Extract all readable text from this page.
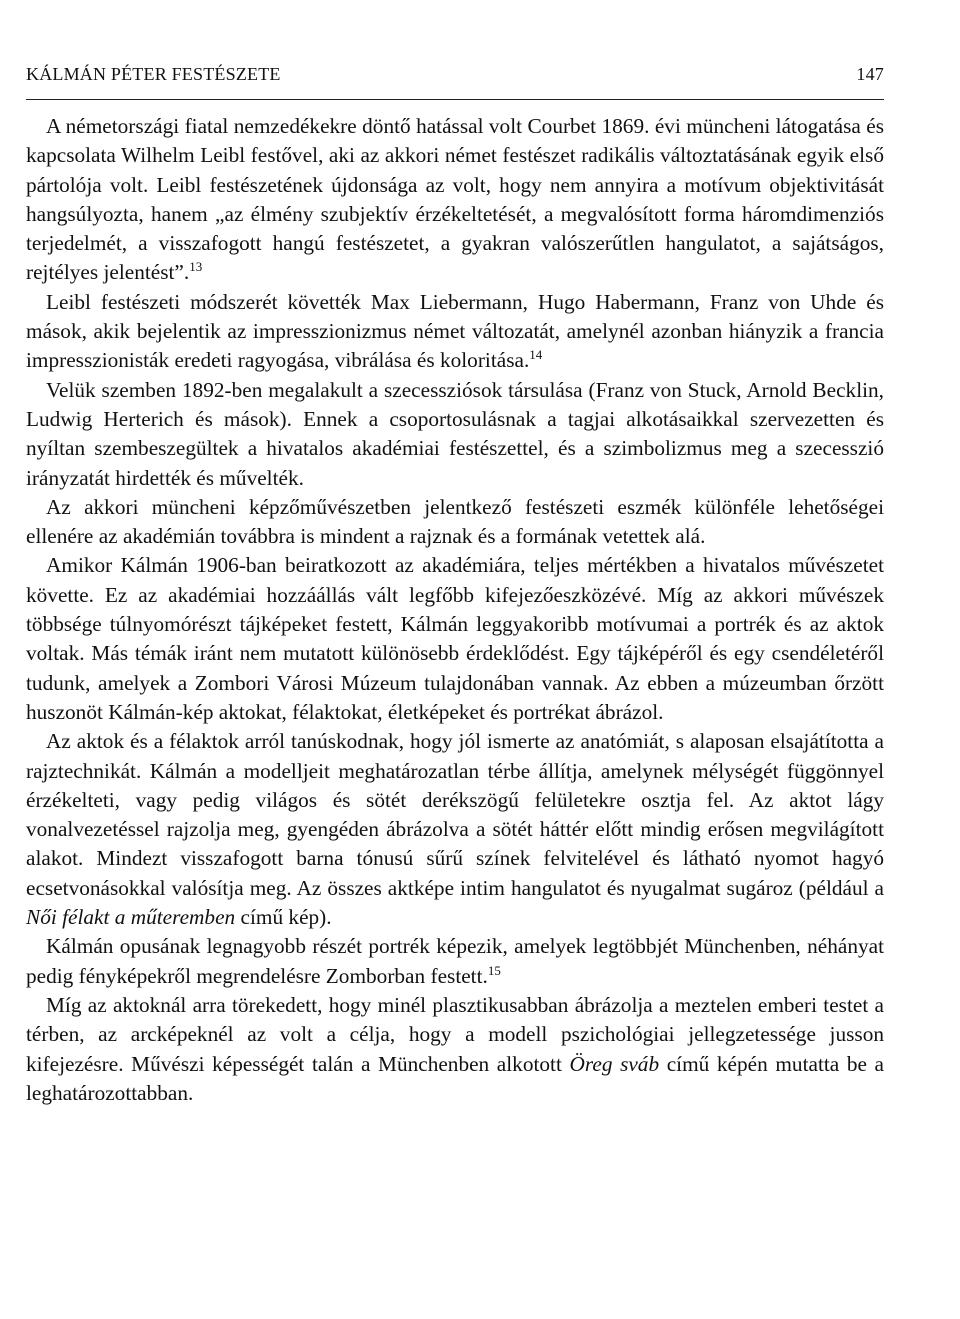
KÁLMÁN PÉTER FESTÉSZETE	147

A németországi fiatal nemzedékekre döntő hatással volt Courbet 1869. évi müncheni látogatása és kapcsolata Wilhelm Leibl festővel, aki az akkori német festészet radikális változtatásának egyik első pártolója volt. Leibl festészetének újdonsága az volt, hogy nem annyira a motívum objektivitását hangsúlyozta, hanem „az élmény szubjektív érzékeltetését, a megvalósított forma háromdimenziós terjedelmét, a visszafogott hangú festészetet, a gyakran valószerűtlen hangulatot, a sajátságos, rejtélyes jelentést”.$^{13}$

Leibl festészeti módszerét követték Max Liebermann, Hugo Habermann, Franz von Uhde és mások, akik bejelentik az impresszionizmus német változatát, amelynél azonban hiányzik a francia impresszionisták eredeti ragyogása, vibrálása és koloritása.$^{14}$

Velük szemben 1892-ben megalakult a szecessziósok társulása (Franz von Stuck, Arnold Becklin, Ludwig Herterich és mások). Ennek a csoportosulásnak a tagjai alkotásaikkal szervezetten és nyíltan szembeszegültek a hivatalos akadémiai festészettel, és a szimbolizmus meg a szecesszió irányzatát hirdették és művelték.

Az akkori müncheni képzőművészetben jelentkező festészeti eszmék különféle lehetőségei ellenére az akadémián továbbra is mindent a rajznak és a formának vetettek alá.

Amikor Kálmán 1906-ban beiratkozott az akadémiára, teljes mértékben a hivatalos művészetet követte. Ez az akadémiai hozzáállás vált legfőbb kifejezőeszközévé. Míg az akkori művészek többsége túlnyomórészt tájképeket festett, Kálmán leggyakoribb motívumai a portrék és az aktok voltak. Más témák iránt nem mutatott különösebb érdeklődést. Egy tájképéről és egy csendéletéről tudunk, amelyek a Zombori Városi Múzeum tulajdonában vannak. Az ebben a múzeumban őrzött huszonöt Kálmán-kép aktokat, félaktokat, életképeket és portrékat ábrázol.

Az aktok és a félaktok arról tanúskodnak, hogy jól ismerte az anatómiát, s alaposan elsajátította a rajztechnikát. Kálmán a modelljeit meghatározatlan térbe állítja, amelynek mélységét függönnyel érzékelteti, vagy pedig világos és sötét derékszögű felületekre osztja fel. Az aktot lágy vonalvezetéssel rajzolja meg, gyengéden ábrázolva a sötét háttér előtt mindig erősen megvilágított alakot. Mindezt visszafogott barna tónusú sűrű színek felvitelével és látható nyomot hagyó ecsetvonásokkal valósítja meg. Az összes aktképe intim hangulatot és nyugalmat sugároz (például a Női félakt a műteremben című kép).

Kálmán opusának legnagyobb részét portrék képezik, amelyek legtöbbjét Münchenben, néhányat pedig fényképekről megrendelésre Zomborban festett.$^{15}$

Míg az aktoknál arra törekedett, hogy minél plasztikusabban ábrázolja a meztelen emberi testet a térben, az arcképeknél az volt a célja, hogy a modell pszichológiai jellegzetessége jusson kifejezésre. Művészi képességét talán a Münchenben alkotott Öreg sváb című képén mutatta be a leghatározottabban.
